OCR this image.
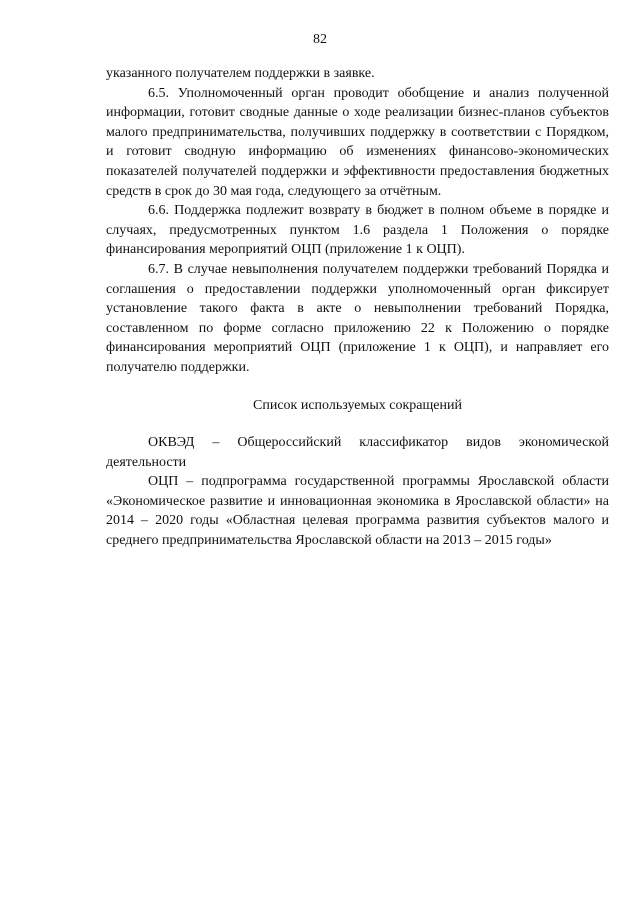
82

указанного получателем поддержки в заявке.

6.5. Уполномоченный орган проводит обобщение и анализ полученной информации, готовит сводные данные о ходе реализации бизнес-планов субъектов малого предпринимательства, получивших поддержку в соответствии с Порядком, и готовит сводную информацию об изменениях финансово-экономических показателей получателей поддержки и эффективности предоставления бюджетных средств в срок до 30 мая года, следующего за отчётным.

6.6. Поддержка подлежит возврату в бюджет в полном объеме в порядке и случаях, предусмотренных пунктом 1.6 раздела 1 Положения о порядке финансирования мероприятий ОЦП (приложение 1 к ОЦП).

6.7. В случае невыполнения получателем поддержки требований Порядка и соглашения о предоставлении поддержки уполномоченный орган фиксирует установление такого факта в акте о невыполнении требований Порядка, составленном по форме согласно приложению 22 к Положению о порядке финансирования мероприятий ОЦП (приложение 1 к ОЦП), и направляет его получателю поддержки.

Список используемых сокращений

ОКВЭД – Общероссийский классификатор видов экономической деятельности

ОЦП – подпрограмма государственной программы Ярославской области «Экономическое развитие и инновационная экономика в Ярославской области» на 2014 – 2020 годы «Областная целевая программа развития субъектов малого и среднего предпринимательства Ярославской области на 2013 – 2015 годы»
